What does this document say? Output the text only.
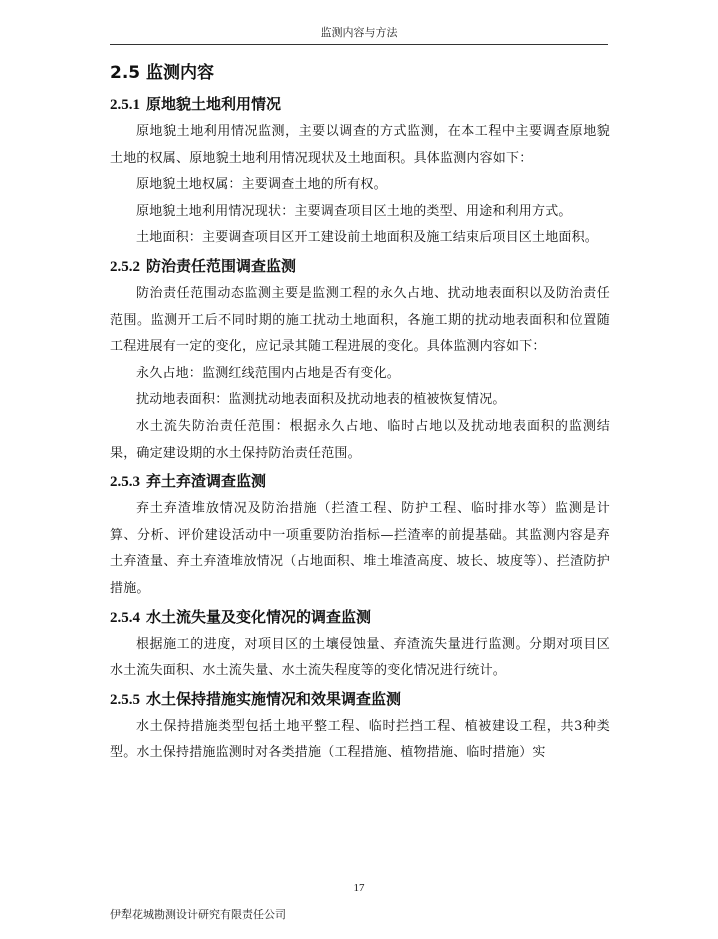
监测内容与方法
2.5 监测内容
2.5.1 原地貌土地利用情况

原地貌土地利用情况监测，主要以调查的方式监测，在本工程中主要调查原地貌土地的权属、原地貌土地利用情况现状及土地面积。具体监测内容如下：

原地貌土地权属：主要调查土地的所有权。

原地貌土地利用情况现状：主要调查项目区土地的类型、用途和利用方式。

土地面积：主要调查项目区开工建设前土地面积及施工结束后项目区土地面积。

2.5.2 防治责任范围调查监测

防治责任范围动态监测主要是监测工程的永久占地、扰动地表面积以及防治责任范围。监测开工后不同时期的施工扰动土地面积，各施工期的扰动地表面积和位置随工程进展有一定的变化，应记录其随工程进展的变化。具体监测内容如下：

永久占地：监测红线范围内占地是否有变化。

扰动地表面积：监测扰动地表面积及扰动地表的植被恢复情况。

水土流失防治责任范围：根据永久占地、临时占地以及扰动地表面积的监测结果，确定建设期的水土保持防治责任范围。

2.5.3 弃土弃渣调查监测

弃土弃渣堆放情况及防治措施（拦渣工程、防护工程、临时排水等）监测是计算、分析、评价建设活动中一项重要防治指标—拦渣率的前提基础。其监测内容是弃土弃渣量、弃土弃渣堆放情况（占地面积、堆土堆渣高度、坡长、坡度等）、拦渣防护措施。

2.5.4 水土流失量及变化情况的调查监测

根据施工的进度，对项目区的土壤侵蚀量、弃渣流失量进行监测。分期对项目区水土流失面积、水土流失量、水土流失程度等的变化情况进行统计。

2.5.5 水土保持措施实施情况和效果调查监测

水土保持措施类型包括土地平整工程、临时拦挡工程、植被建设工程，共3种类型。水土保持措施监测时对各类措施（工程措施、植物措施、临时措施）实

17
伊犁花城勘测设计研究有限责任公司
